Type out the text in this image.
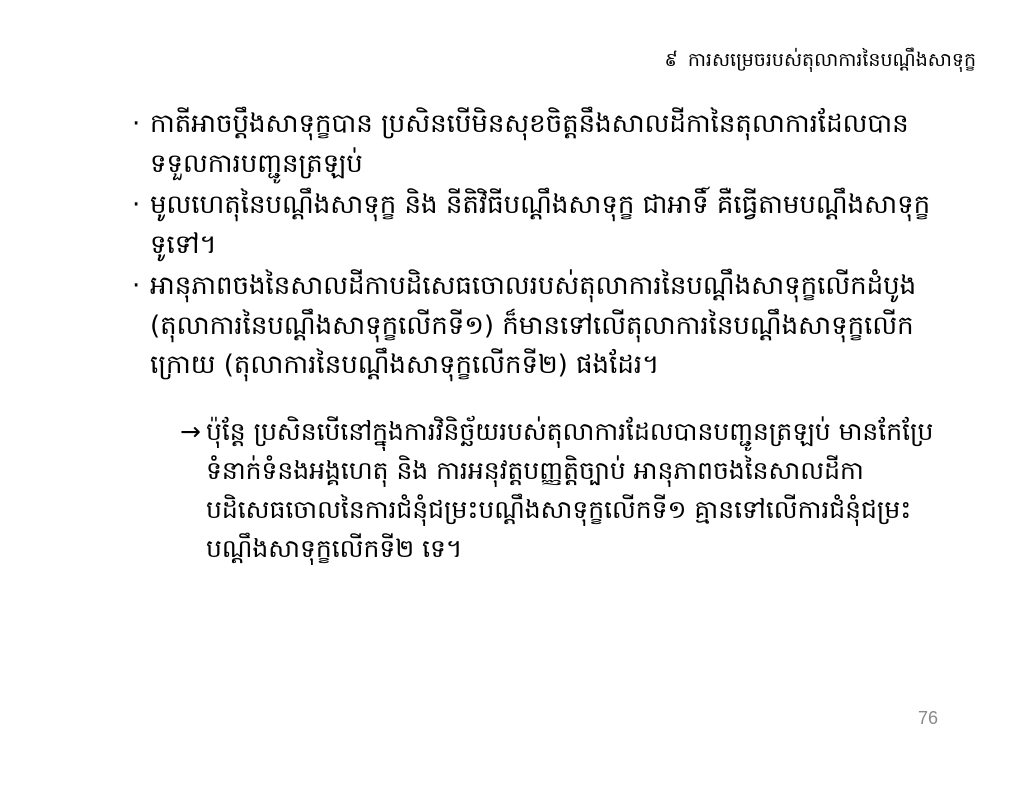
៩ ការសម្រេចរបស់តុលាការនៃបណ្ដឹងសាទុក្ខ
· កាតីអាចប្ដឹងសាទុក្ខបាន ប្រសិនបើមិនសុខចិត្តនឹងសាលដីកានៃតុលាការដែលបានទទួលការបញ្ជូនត្រឡប់
· មូលហេតុនៃបណ្ដឹងសាទុក្ខ និង នីតិវិធីបណ្ដឹងសាទុក្ខ ជាអាទិ៍ គឺធ្វើតាមបណ្ដឹងសាទុក្ខទូទៅ។
· អានុភាពចងនៃសាលដីកាបដិសេធចោលរបស់តុលាការនៃបណ្ដឹងសាទុក្ខលើកដំបូង (តុលាការនៃបណ្ដឹងសាទុក្ខលើកទី១) ក៏មានទៅលើតុលាការនៃបណ្ដឹងសាទុក្ខលើកក្រោយ (តុលាការនៃបណ្ដឹងសាទុក្ខលើកទី២) ផងដែរ។
→ ប៉ុន្តែ ប្រសិនបើនៅក្នុងការវិនិច្ឆ័យរបស់តុលាការដែលបានបញ្ជូនត្រឡប់ មានកែប្រែទំនាក់ទំនងអង្គហេតុ និង ការអនុវត្តបញ្ញត្តិច្បាប់ អានុភាពចងនៃសាលដីកាបដិសេធចោលនៃការជំនុំជម្រះបណ្ដឹងសាទុក្ខលើកទី១ គ្មានទៅលើការជំនុំជម្រះបណ្ដឹងសាទុក្ខលើកទី២ ទេ។
76
